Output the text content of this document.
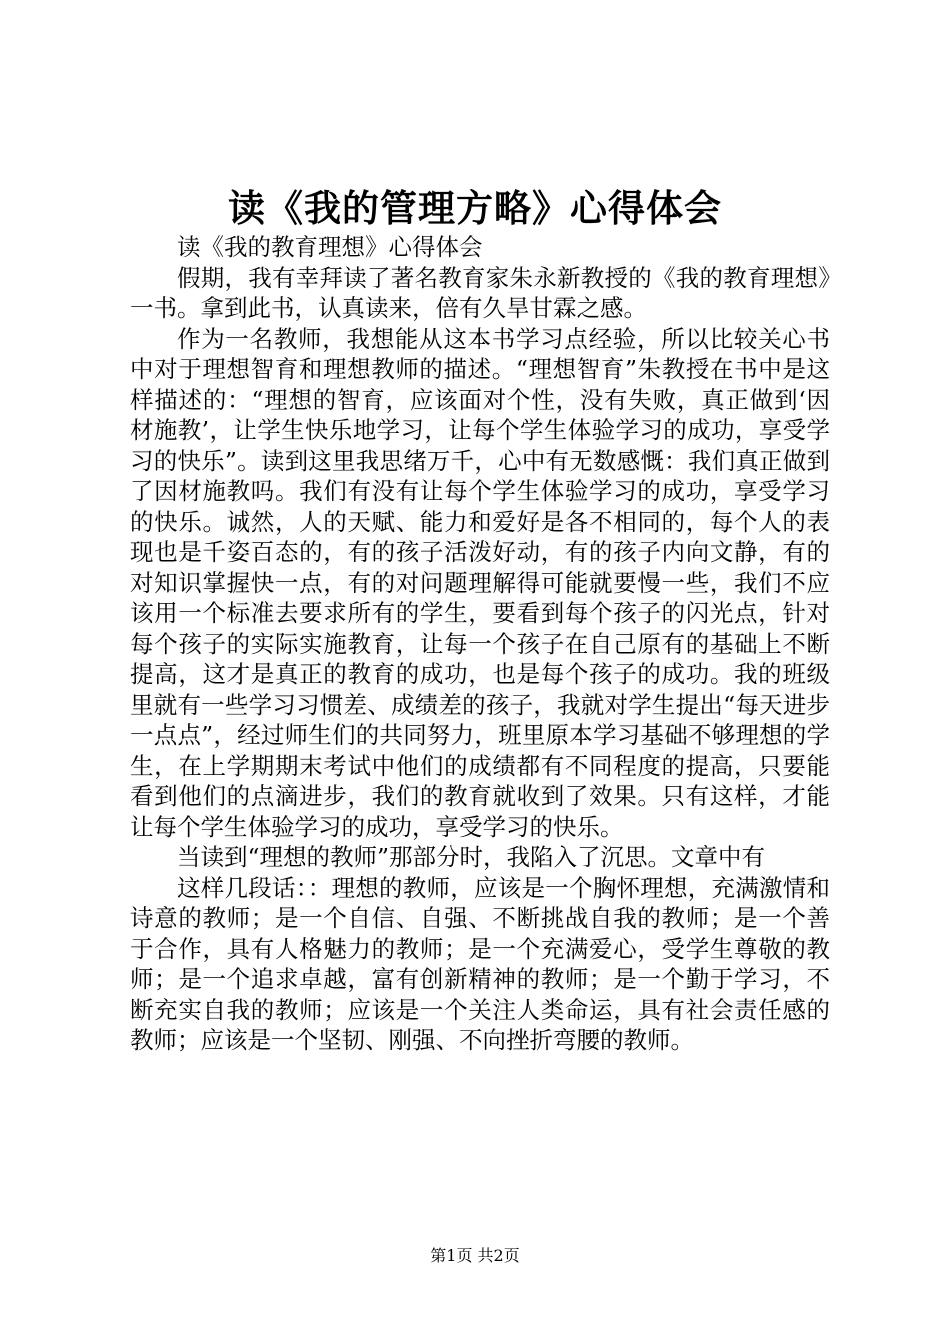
读《我的管理方略》心得体会

读《我的教育理想》心得体会

假期，我有幸拜读了著名教育家朱永新教授的《我的教育理想》一书。拿到此书，认真读来，倍有久旱甘霖之感。

作为一名教师，我想能从这本书学习点经验，所以比较关心书中对于理想智育和理想教师的描述。“理想智育”朱教授在书中是这样描述的：“理想的智育，应该面对个性，没有失败，真正做到‘因材施教’，让学生快乐地学习，让每个学生体验学习的成功，享受学习的快乐”。读到这里我思绪万千，心中有无数感慨：我们真正做到了因材施教吗。我们有没有让每个学生体验学习的成功，享受学习的快乐。诚然，人的天赋、能力和爱好是各不相同的，每个人的表现也是千姿百态的，有的孩子活泼好动，有的孩子内向文静，有的对知识掌握快一点，有的对问题理解得可能就要慢一些，我们不应该用一个标准去要求所有的学生，要看到每个孩子的闪光点，针对每个孩子的实际实施教育，让每一个孩子在自己原有的基础上不断提高，这才是真正的教育的成功，也是每个孩子的成功。我的班级里就有一些学习习惯差、成绩差的孩子，我就对学生提出“每天进步一点点”，经过师生们的共同努力，班里原本学习基础不够理想的学生，在上学期期末考试中他们的成绩都有不同程度的提高，只要能看到他们的点滴进步，我们的教育就收到了效果。只有这样，才能让每个学生体验学习的成功，享受学习的快乐。

当读到“理想的教师”那部分时，我陷入了沉思。文章中有

这样几段话：：理想的教师，应该是一个胸怀理想，充满激情和诗意的教师；是一个自信、自强、不断挑战自我的教师；是一个善于合作，具有人格魅力的教师；是一个充满爱心，受学生尊敬的教师；是一个追求卓越，富有创新精神的教师；是一个勤于学习，不断充实自我的教师；应该是一个关注人类命运，具有社会责任感的教师；应该是一个坚韧、刚强、不向挫折弯腰的教师。

第1页 共2页
